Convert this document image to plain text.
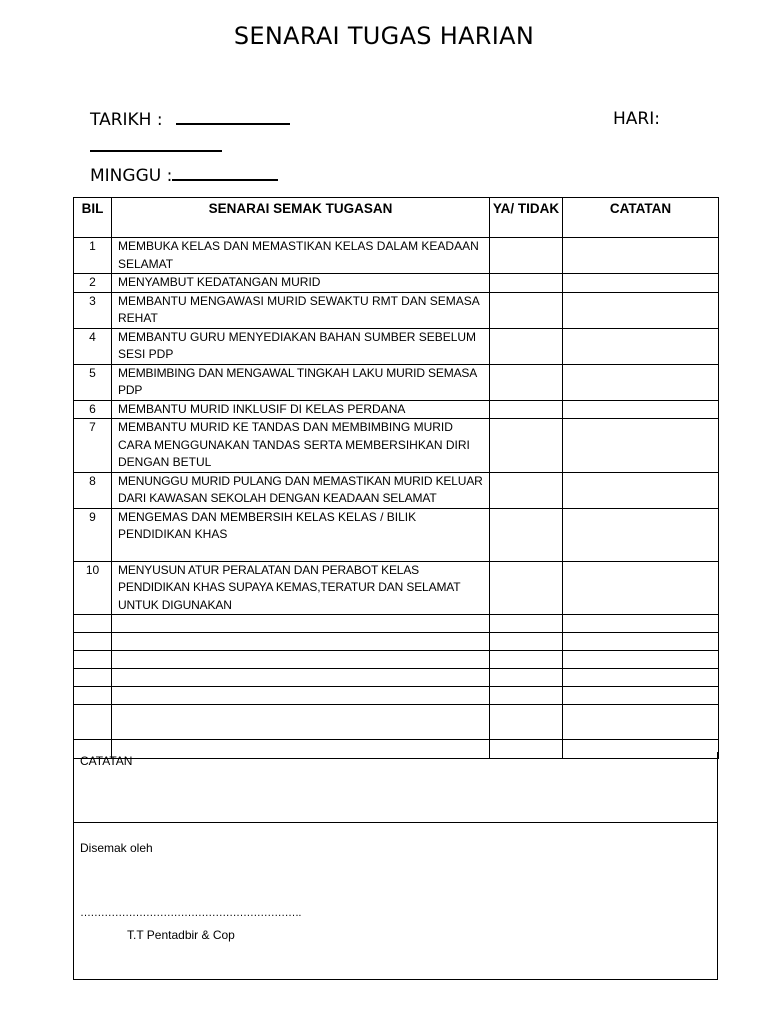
SENARAI TUGAS HARIAN
TARIKH :	HARI:
MINGGU :
BIL	SENARAI SEMAK TUGASAN	YA/ TIDAK	CATATAN
1	MEMBUKA KELAS DAN MEMASTIKAN KELAS DALAM KEADAAN SELAMAT		
2	MENYAMBUT KEDATANGAN MURID		
3	MEMBANTU MENGAWASI MURID SEWAKTU RMT DAN SEMASA REHAT		
4	MEMBANTU GURU MENYEDIAKAN BAHAN SUMBER SEBELUM SESI PDP		
5	MEMBIMBING DAN MENGAWAL TINGKAH LAKU MURID SEMASA PDP		
6	MEMBANTU MURID INKLUSIF DI KELAS PERDANA		
7	MEMBANTU MURID KE TANDAS DAN MEMBIMBING MURID CARA MENGGUNAKAN TANDAS SERTA MEMBERSIHKAN DIRI DENGAN BETUL		
8	MENUNGGU MURID PULANG DAN MEMASTIKAN MURID KELUAR DARI KAWASAN SEKOLAH DENGAN KEADAAN SELAMAT		
9	MENGEMAS DAN MEMBERSIH KELAS KELAS / BILIK PENDIDIKAN KHAS		
10	MENYUSUN ATUR PERALATAN DAN PERABOT KELAS PENDIDIKAN KHAS SUPAYA KEMAS,TERATUR DAN SELAMAT UNTUK DIGUNAKAN		

CATATAN
Disemak oleh
……………………………………………………….
T.T Pentadbir & Cop
